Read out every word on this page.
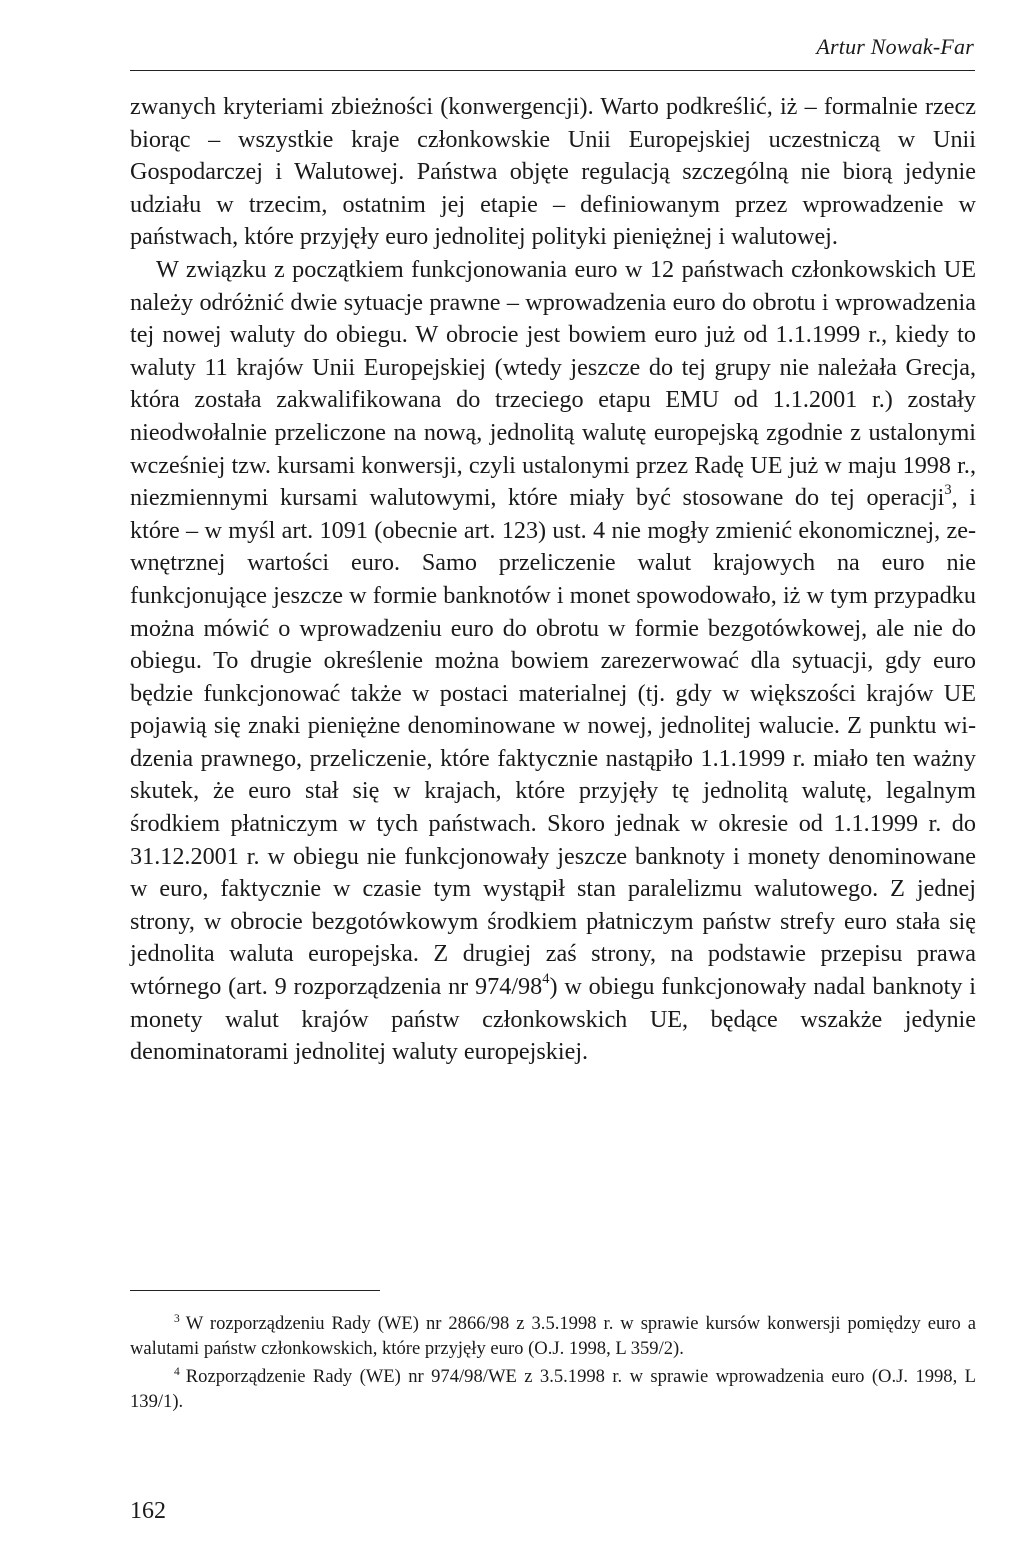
Artur Nowak-Far

zwanych kryteriami zbieżności (konwergencji). Warto podkreślić, iż – formalnie rzecz biorąc – wszystkie kraje członkowskie Unii Europejskiej uczestniczą w Unii Gospodarczej i Walutowej. Państwa objęte regulacją szczególną nie biorą jedynie udziału w trzecim, ostatnim jej etapie – definiowanym przez wprowadzenie w państwach, które przyjęły euro jednolitej polityki pieniężnej i walutowej.

W związku z początkiem funkcjonowania euro w 12 państwach członkowskich UE należy odróżnić dwie sytuacje prawne – wprowadzenia euro do obrotu i wprowadzenia tej nowej waluty do obiegu. W obrocie jest bowiem euro już od 1.1.1999 r., kiedy to waluty 11 krajów Unii Europejskiej (wtedy jeszcze do tej grupy nie należała Grecja, która została zakwalifikowana do trzeciego etapu EMU od 1.1.2001 r.) zostały nieodwołalnie przeliczone na nową, jednolitą walutę europejską zgodnie z ustalonymi wcześniej tzw. kursami konwersji, czyli ustalonymi przez Radę UE już w maju 1998 r., niezmiennymi kursami walutowymi, które miały być stosowane do tej operacji$^3$, i które – w myśl art. 1091 (obecnie art. 123) ust. 4 nie mogły zmienić ekonomicznej, zewnętrznej wartości euro. Samo przeliczenie walut krajowych na euro nie funkcjonujące jeszcze w formie banknotów i monet spowodowało, iż w tym przypadku można mówić o wprowadzeniu euro do obrotu w formie bezgotówkowej, ale nie do obiegu. To drugie określenie można bowiem zarezerwować dla sytuacji, gdy euro będzie funkcjonować także w postaci materialnej (tj. gdy w większości krajów UE pojawią się znaki pieniężne denominowane w nowej, jednolitej walucie. Z punktu widzenia prawnego, przeliczenie, które faktycznie nastąpiło 1.1.1999 r. miało ten ważny skutek, że euro stał się w krajach, które przyjęły tę jednolitą walutę, legalnym środkiem płatniczym w tych państwach. Skoro jednak w okresie od 1.1.1999 r. do 31.12.2001 r. w obiegu nie funkcjonowały jeszcze banknoty i monety denominowane w euro, faktycznie w czasie tym wystąpił stan paralelizmu walutowego. Z jednej strony, w obrocie bezgotówkowym środkiem płatniczym państw strefy euro stała się jednolita waluta europejska. Z drugiej zaś strony, na podstawie przepisu prawa wtórnego (art. 9 rozporządzenia nr $974/98^4$) w obiegu funkcjonowały nadal banknoty i monety walut krajów państw członkowskich UE, będące wszakże jedynie denominatorami jednolitej waluty europejskiej.

$^3$ W rozporządzeniu Rady (WE) nr 2866/98 z 3.5.1998 r. w sprawie kursów konwersji pomiędzy euro a walutami państw członkowskich, które przyjęły euro (O.J. 1998, L 359/2).

$^4$ Rozporządzenie Rady (WE) nr 974/98/WE z 3.5.1998 r. w sprawie wprowadzenia euro (O.J. 1998, L 139/1).

162
